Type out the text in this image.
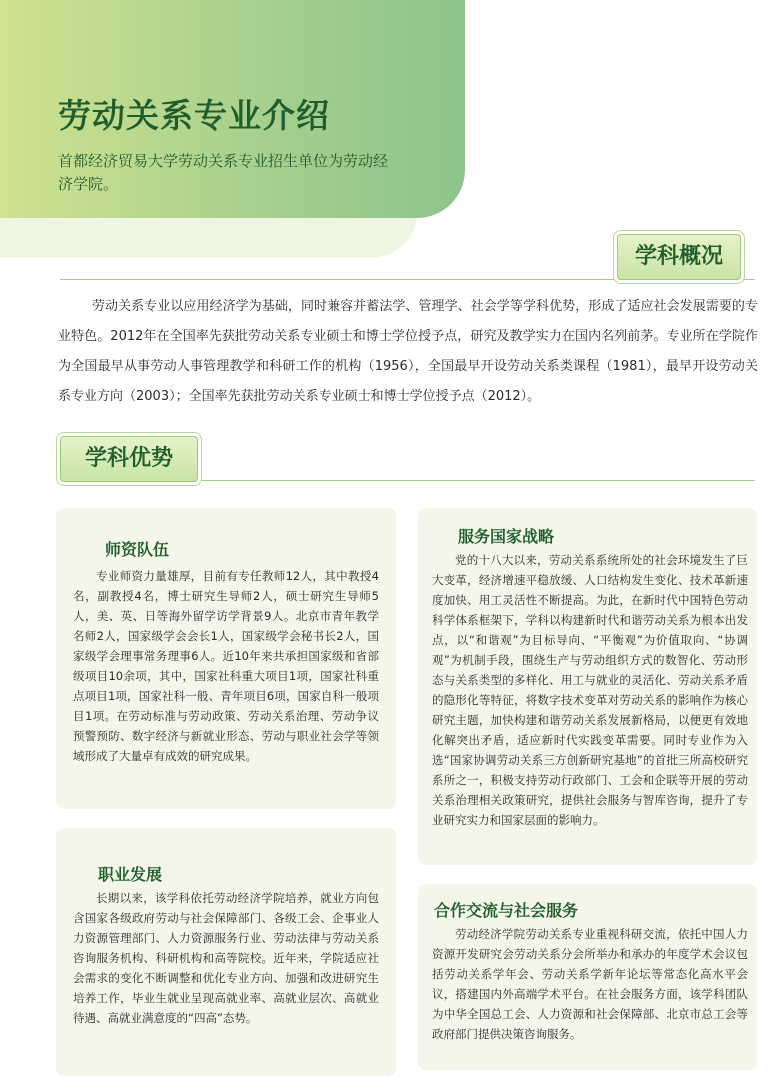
劳动关系专业介绍

首都经济贸易大学劳动关系专业招生单位为劳动经济学院。

学科概况

劳动关系专业以应用经济学为基础，同时兼容并蓄法学、管理学、社会学等学科优势，形成了适应社会发展需要的专业特色。2012年在全国率先获批劳动关系专业硕士和博士学位授予点，研究及教学实力在国内名列前茅。专业所在学院作为全国最早从事劳动人事管理教学和科研工作的机构（1956），全国最早开设劳动关系类课程（1981），最早开设劳动关系专业方向（2003）；全国率先获批劳动关系专业硕士和博士学位授予点（2012）。

学科优势
师资队伍

专业师资力量雄厚，目前有专任教师12人，其中教授4名，副教授4名，博士研究生导师2人，硕士研究生导师5人，美、英、日等海外留学访学背景9人。北京市青年教学名师2人，国家级学会会长1人，国家级学会秘书长2人，国家级学会理事常务理事6人。近10年来共承担国家级和省部级项目10余项，其中，国家社科重大项目1项，国家社科重点项目1项，国家社科一般、青年项目6项，国家自科一般项目1项。在劳动标准与劳动政策、劳动关系治理、劳动争议预警预防、数字经济与新就业形态、劳动与职业社会学等领域形成了大量卓有成效的研究成果。

职业发展

长期以来，该学科依托劳动经济学院培养，就业方向包含国家各级政府劳动与社会保障部门、各级工会、企事业人力资源管理部门、人力资源服务行业、劳动法律与劳动关系咨询服务机构、科研机构和高等院校。近年来，学院适应社会需求的变化不断调整和优化专业方向、加强和改进研究生培养工作，毕业生就业呈现高就业率、高就业层次、高就业待遇、高就业满意度的“四高”态势。

服务国家战略

党的十八大以来，劳动关系系统所处的社会环境发生了巨大变革，经济增速平稳放缓、人口结构发生变化、技术革新速度加快、用工灵活性不断提高。为此，在新时代中国特色劳动科学体系框架下，学科以构建新时代和谐劳动关系为根本出发点，以“和谐观”为目标导向、“平衡观”为价值取向、“协调观”为机制手段，围绕生产与劳动组织方式的数智化、劳动形态与关系类型的多样化、用工与就业的灵活化、劳动关系矛盾的隐形化等特征，将数字技术变革对劳动关系的影响作为核心研究主题，加快构建和谐劳动关系发展新格局，以便更有效地化解突出矛盾，适应新时代实践变革需要。同时专业作为入选“国家协调劳动关系三方创新研究基地”的首批三所高校研究系所之一，积极支持劳动行政部门、工会和企联等开展的劳动关系治理相关政策研究，提供社会服务与智库咨询，提升了专业研究实力和国家层面的影响力。

合作交流与社会服务

劳动经济学院劳动关系专业重视科研交流，依托中国人力资源开发研究会劳动关系分会所举办和承办的年度学术会议包括劳动关系学年会、劳动关系学新年论坛等常态化高水平会议，搭建国内外高端学术平台。在社会服务方面，该学科团队为中华全国总工会、人力资源和社会保障部、北京市总工会等政府部门提供决策咨询服务。
